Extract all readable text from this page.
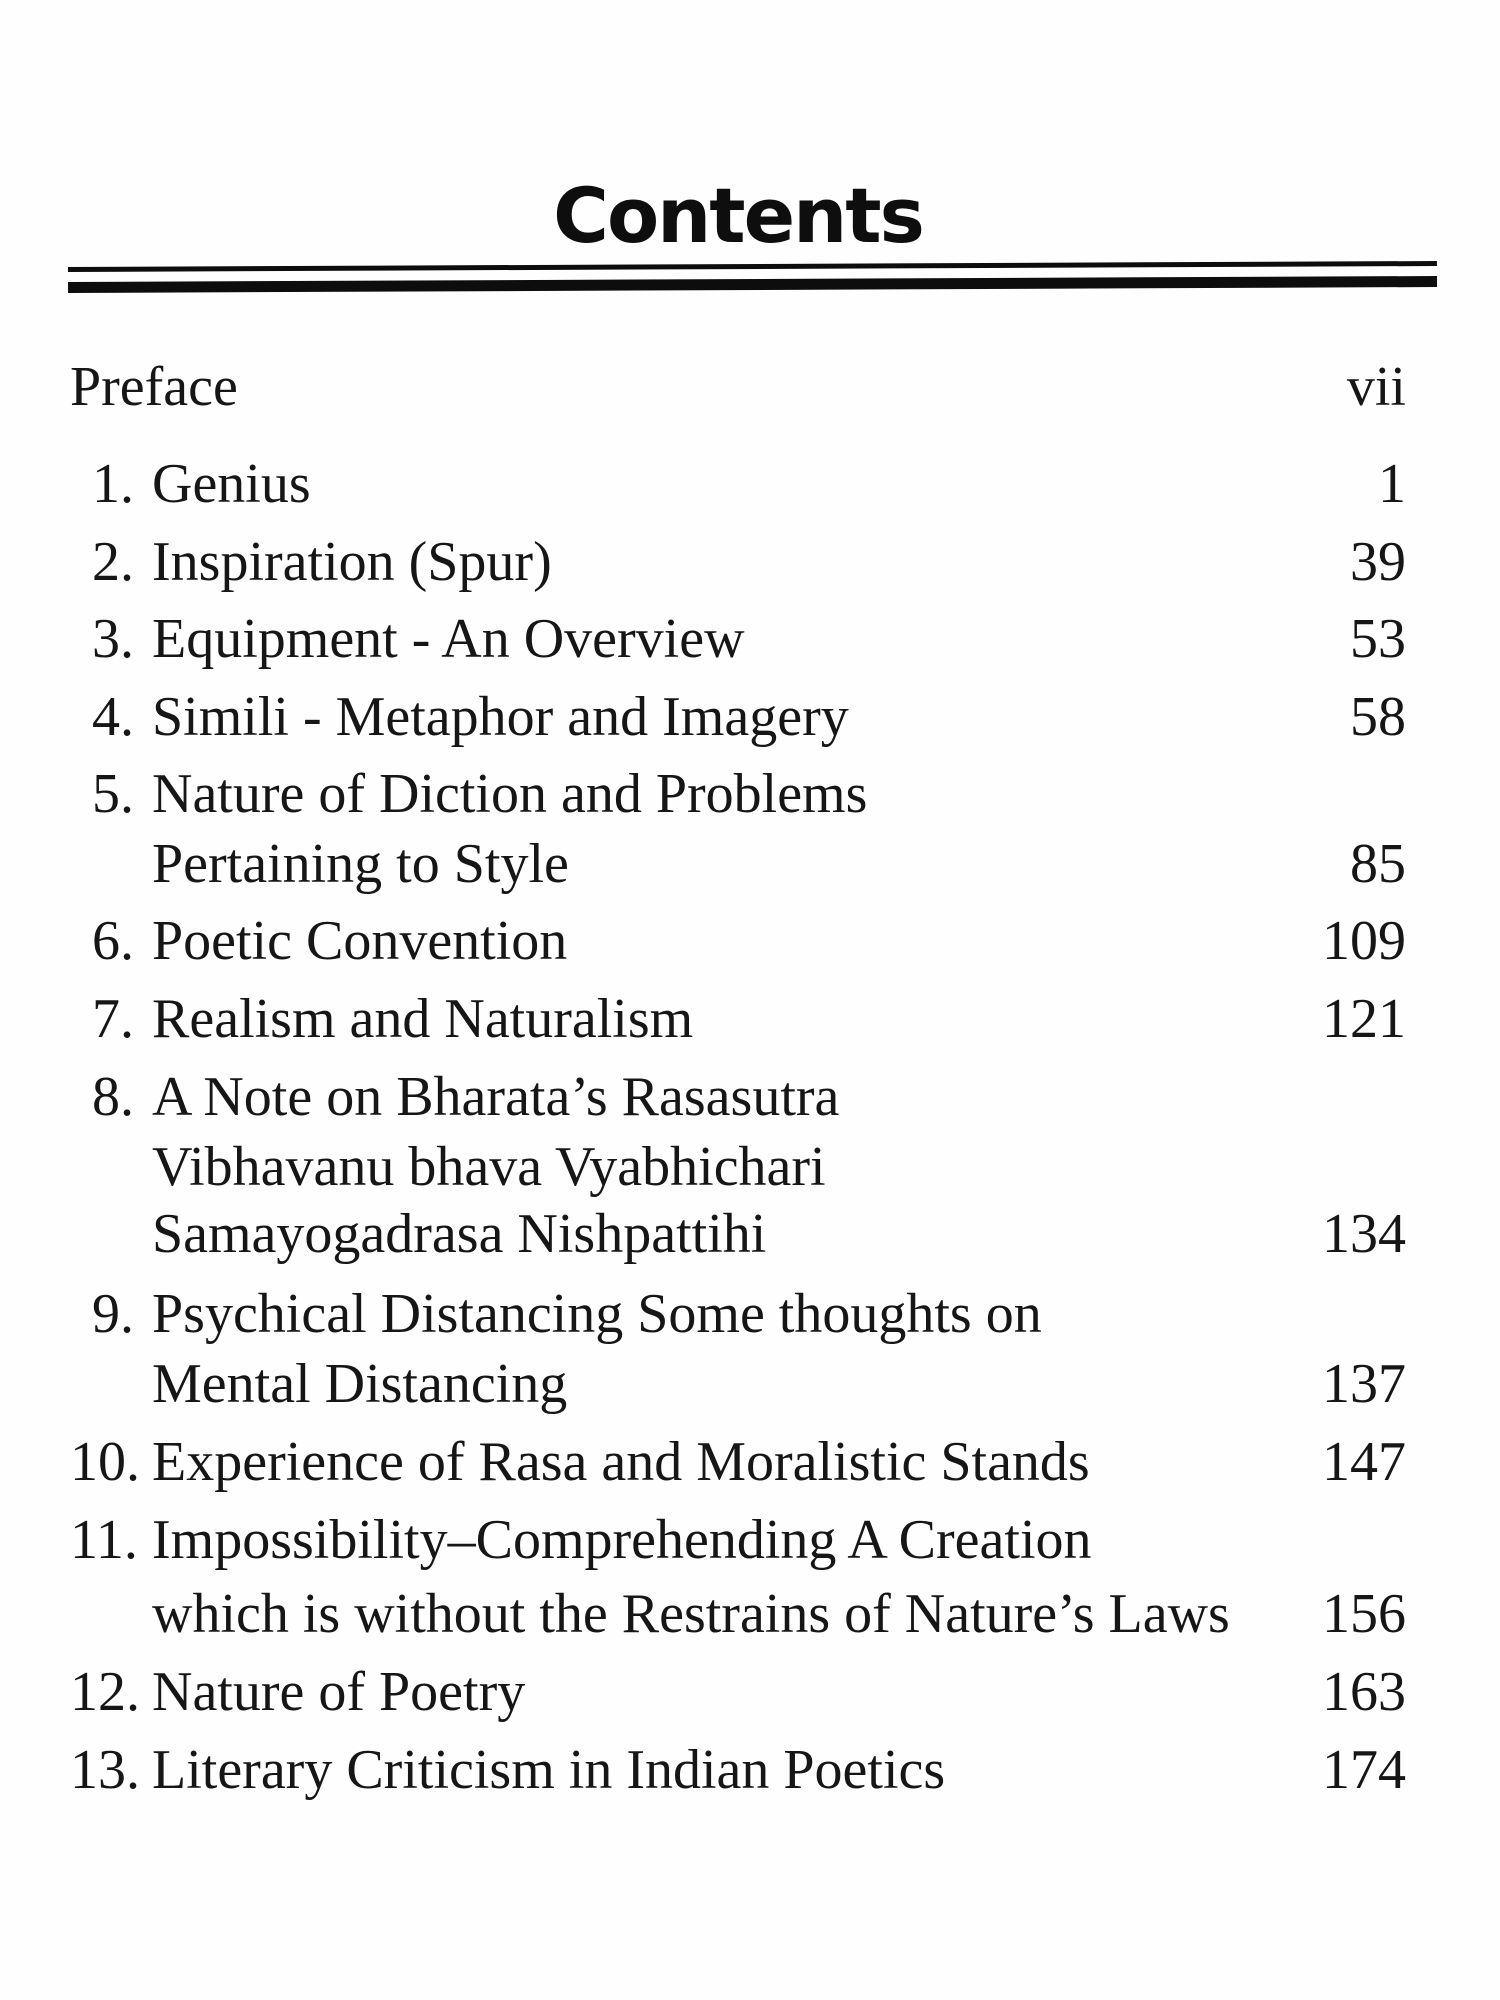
Contents
Preface	vii
1. Genius	1
2. Inspiration (Spur)	39
3. Equipment - An Overview	53
4. Simili - Metaphor and Imagery	58
5. Nature of Diction and Problems
Pertaining to Style	85
6. Poetic Convention	109
7. Realism and Naturalism	121
8. A Note on Bharata’s Rasasutra
Vibhavanu bhava Vyabhichari
Samayogadrasa Nishpattihi	134
9. Psychical Distancing Some thoughts on
Mental Distancing	137
10. Experience of Rasa and Moralistic Stands	147
11. Impossibility–Comprehending A Creation
which is without the Restrains of Nature’s Laws	156
12. Nature of Poetry	163
13. Literary Criticism in Indian Poetics	174
